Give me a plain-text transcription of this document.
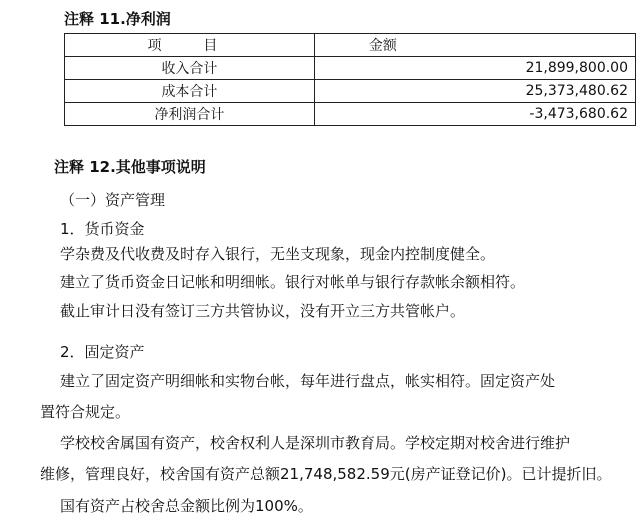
注释 11.净利润
项　目	金额
收入合计	21,899,800.00
成本合计	25,373,480.62
净利润合计	-3,473,680.62
注释 12.其他事项说明
（一）资产管理
1．货币资金
学杂费及代收费及时存入银行，无坐支现象，现金内控制度健全。
建立了货币资金日记帐和明细帐。银行对帐单与银行存款帐余额相符。
截止审计日没有签订三方共管协议，没有开立三方共管帐户。
2．固定资产
建立了固定资产明细帐和实物台帐，每年进行盘点，帐实相符。固定资产处
置符合规定。
学校校舍属国有资产，校舍权利人是深圳市教育局。学校定期对校舍进行维护
维修，管理良好，校舍国有资产总额21,748,582.59元(房产证登记价)。已计提折旧。
国有资产占校舍总金额比例为100%。
